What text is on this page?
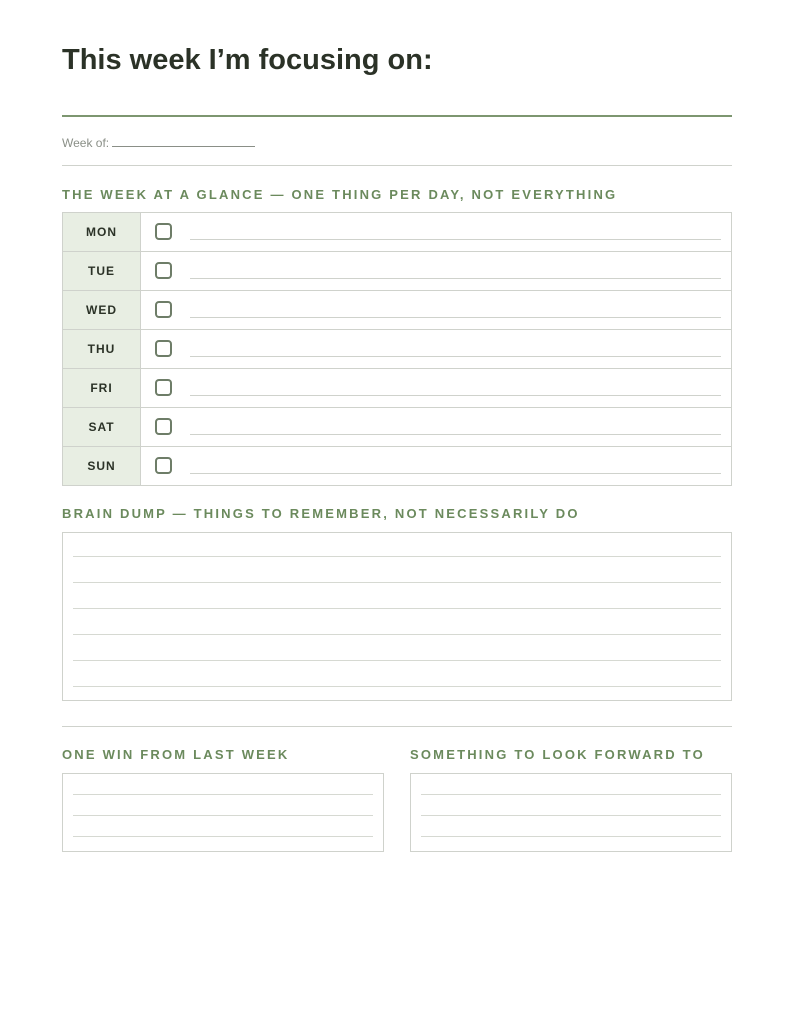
This week I’m focusing on:
Week of:
THE WEEK AT A GLANCE — ONE THING PER DAY, NOT EVERYTHING
MON	

TUE	

WED	

THU	

FRI	

SAT	

SUN	
BRAIN DUMP — THINGS TO REMEMBER, NOT NECESSARILY DO
ONE WIN FROM LAST WEEK	SOMETHING TO LOOK FORWARD TO
